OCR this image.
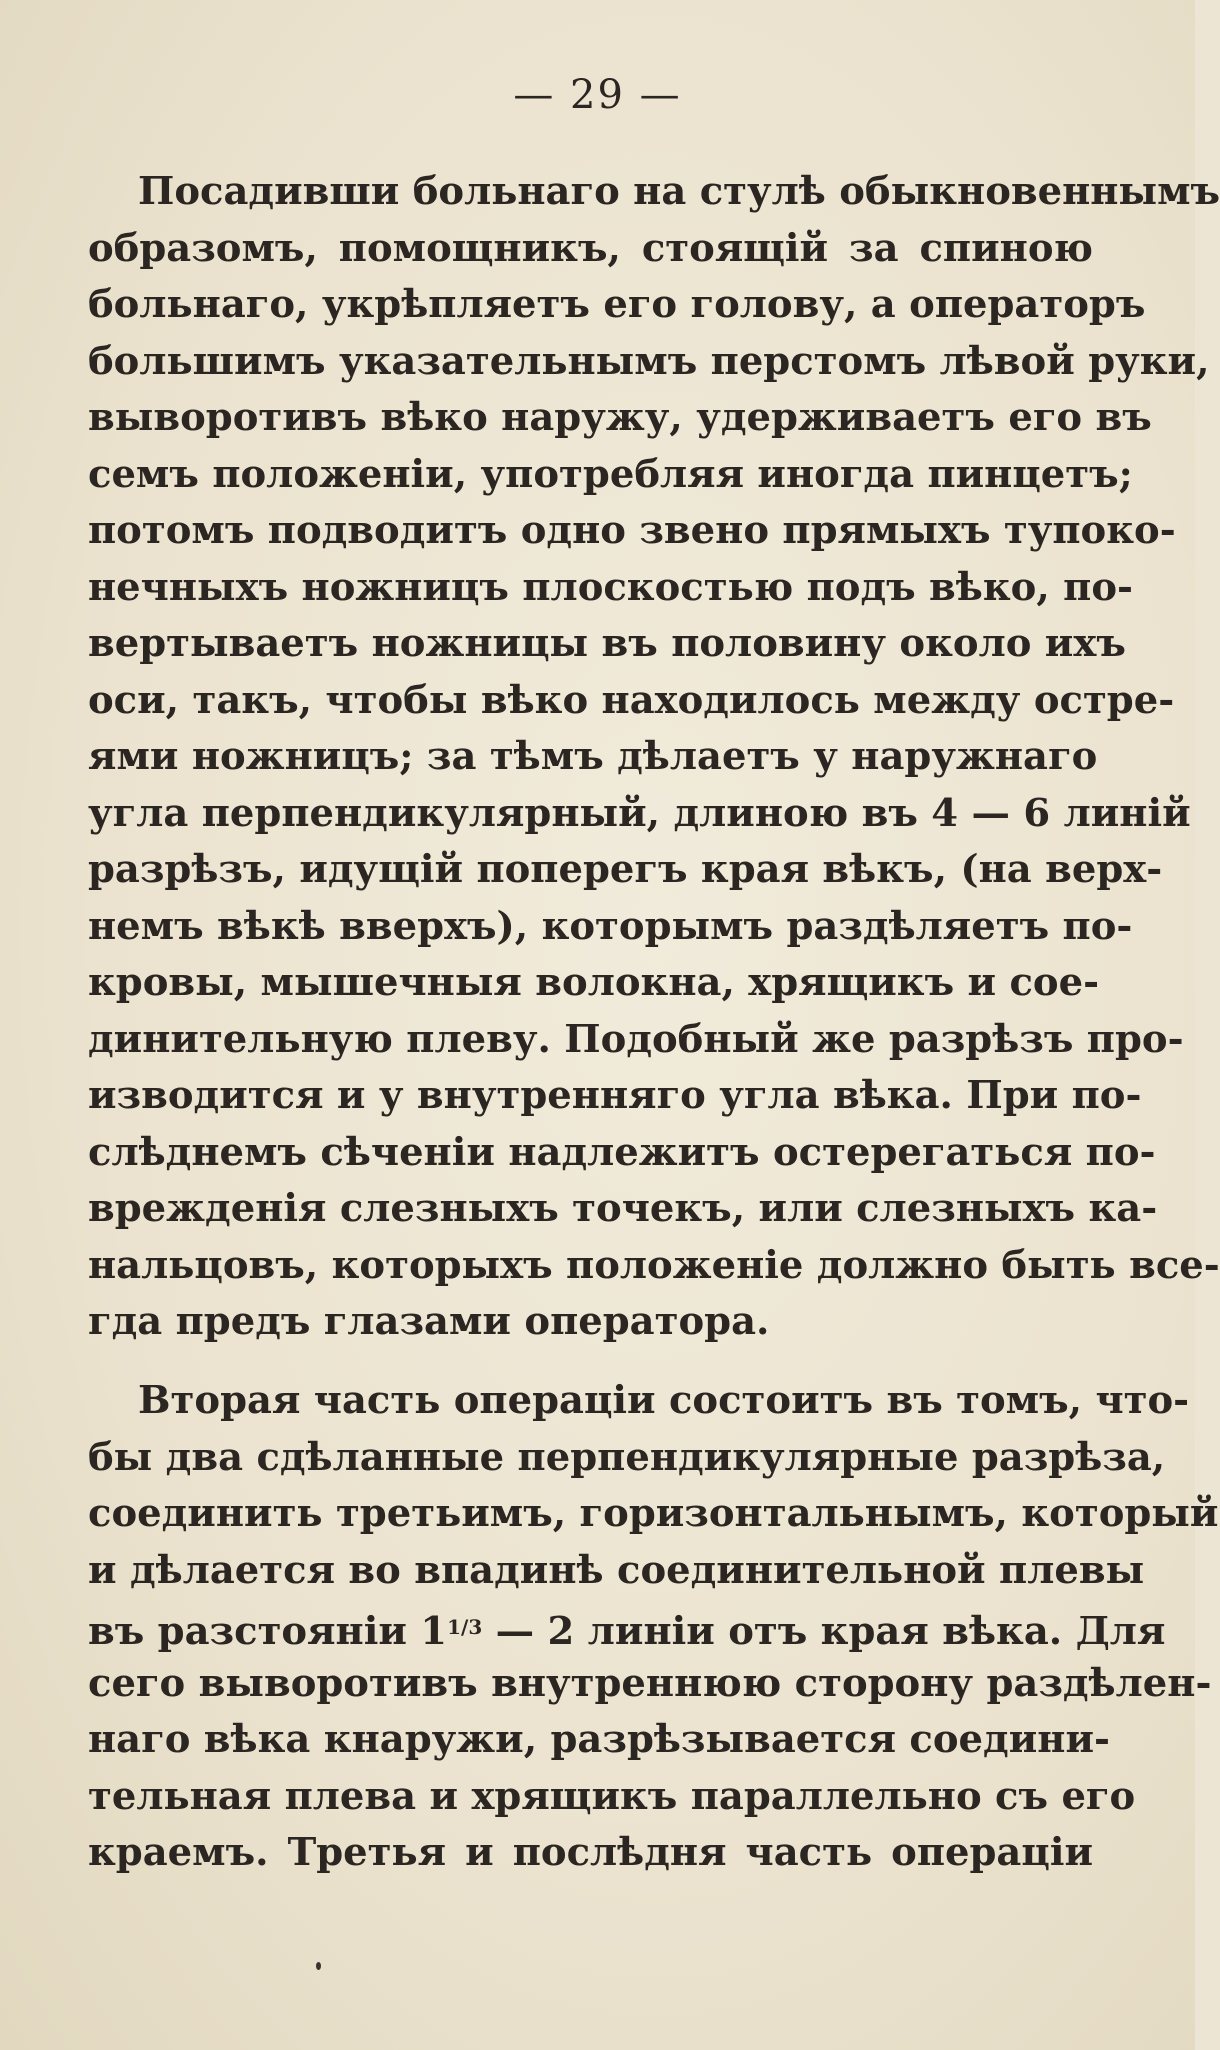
— 29 —
Посадивши больнаго на стулѣ обыкновеннымъ
образомъ, помощникъ, стоящій за спиною
больнаго, укрѣпляетъ его голову, а операторъ
большимъ указательнымъ перстомъ лѣвой руки,
выворотивъ вѣко наружу, удерживаетъ его въ
семъ положеніи, употребляя иногда пинцетъ;
потомъ подводитъ одно звено прямыхъ тупоко-
нечныхъ ножницъ плоскостью подъ вѣко, по-
вертываетъ ножницы въ половину около ихъ
оси, такъ, чтобы вѣко находилось между остре-
ями ножницъ; за тѣмъ дѣлаетъ у наружнаго
угла перпендикулярный, длиною въ 4 — 6 линій
разрѣзъ, идущій поперегъ края вѣкъ, (на верх-
немъ вѣкѣ вверхъ), которымъ раздѣляетъ по-
кровы, мышечныя волокна, хрящикъ и сое-
динительную плеву. Подобный же разрѣзъ про-
изводится и у внутренняго угла вѣка. При по-
слѣднемъ сѣченіи надлежитъ остерегаться по-
врежденія слезныхъ точекъ, или слезныхъ ка-
нальцовъ, которыхъ положеніе должно быть все-
гда предъ глазами оператора.
Вторая часть операціи состоитъ въ томъ, что-
бы два сдѣланные перпендикулярные разрѣза,
соединить третьимъ, горизонтальнымъ, который
и дѣлается во впадинѣ соединительной плевы
въ разстояніи $1^{1/3}$ — 2 линіи отъ края вѣка. Для
сего выворотивъ внутреннюю сторону раздѣлен-
наго вѣка кнаружи, разрѣзывается соедини-
тельная плева и хрящикъ параллельно съ его
краемъ. Третья и послѣдня часть операціи
